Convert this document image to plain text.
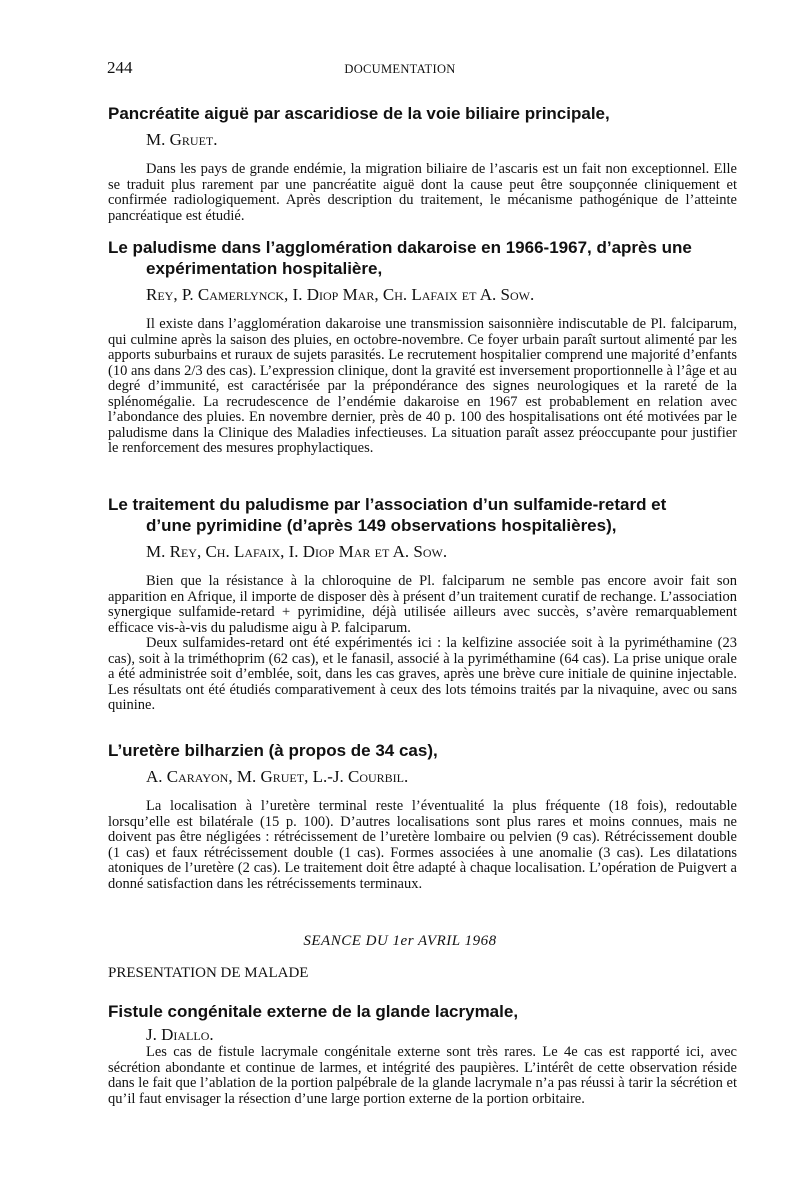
244	DOCUMENTATION
Pancréatite aiguë par ascaridiose de la voie biliaire principale,
M. Gruet.

Dans les pays de grande endémie, la migration biliaire de l’ascaris est un fait non exceptionnel. Elle se traduit plus rarement par une pancréatite aiguë dont la cause peut être soupçonnée cliniquement et confirmée radiologiquement. Après description du traitement, le mécanisme pathogénique de l’atteinte pancréatique est étudié.

Le paludisme dans l’agglomération dakaroise en 1966-1967, d’après une
expérimentation hospitalière,
Rey, P. Camerlynck, I. Diop Mar, Ch. Lafaix et A. Sow.

Il existe dans l’agglomération dakaroise une transmission saisonnière indiscutable de Pl. falciparum, qui culmine après la saison des pluies, en octobre-novembre. Ce foyer urbain paraît surtout alimenté par les apports suburbains et ruraux de sujets parasités. Le recrutement hospitalier comprend une majorité d’enfants (10 ans dans 2/3 des cas). L’expression clinique, dont la gravité est inversement proportionnelle à l’âge et au degré d’immunité, est caractérisée par la prépondérance des signes neurologiques et la rareté de la splénomégalie. La recrudescence de l’endémie dakaroise en 1967 est probablement en relation avec l’abondance des pluies. En novembre dernier, près de 40 p. 100 des hospitalisations ont été motivées par le paludisme dans la Clinique des Maladies infectieuses. La situation paraît assez préoccupante pour justifier le renforcement des mesures prophylactiques.

Le traitement du paludisme par l’association d’un sulfamide-retard et
d’une pyrimidine (d’après 149 observations hospitalières),
M. Rey, Ch. Lafaix, I. Diop Mar et A. Sow.

Bien que la résistance à la chloroquine de Pl. falciparum ne semble pas encore avoir fait son apparition en Afrique, il importe de disposer dès à présent d’un traitement curatif de rechange. L’association synergique sulfamide-retard + pyrimidine, déjà utilisée ailleurs avec succès, s’avère remarquablement efficace vis-à-vis du paludisme aigu à P. falciparum.

Deux sulfamides-retard ont été expérimentés ici : la kelfizine associée soit à la pyriméthamine (23 cas), soit à la triméthoprim (62 cas), et le fanasil, associé à la pyriméthamine (64 cas). La prise unique orale a été administrée soit d’emblée, soit, dans les cas graves, après une brève cure initiale de quinine injectable. Les résultats ont été étudiés comparativement à ceux des lots témoins traités par la nivaquine, avec ou sans quinine.

L’uretère bilharzien (à propos de 34 cas),
A. Carayon, M. Gruet, L.-J. Courbil.

La localisation à l’uretère terminal reste l’éventualité la plus fréquente (18 fois), redoutable lorsqu’elle est bilatérale (15 p. 100). D’autres localisations sont plus rares et moins connues, mais ne doivent pas être négligées : rétrécissement de l’uretère lombaire ou pelvien (9 cas). Rétrécissement double (1 cas) et faux rétrécissement double (1 cas). Formes associées à une anomalie (3 cas). Les dilatations atoniques de l’uretère (2 cas). Le traitement doit être adapté à chaque localisation. L’opération de Puigvert a donné satisfaction dans les rétrécissements terminaux.

SEANCE DU 1er AVRIL 1968
PRESENTATION DE MALADE
Fistule congénitale externe de la glande lacrymale,
J. Diallo.

Les cas de fistule lacrymale congénitale externe sont très rares. Le 4e cas est rapporté ici, avec sécrétion abondante et continue de larmes, et intégrité des paupières. L’intérêt de cette observation réside dans le fait que l’ablation de la portion palpébrale de la glande lacrymale n’a pas réussi à tarir la sécrétion et qu’il faut envisager la résection d’une large portion externe de la portion orbitaire.
